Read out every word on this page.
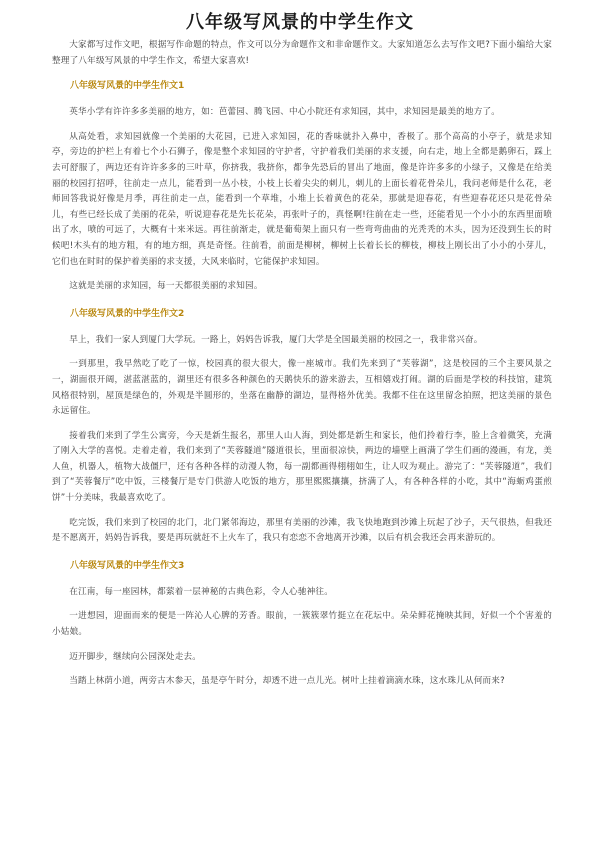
八年级写风景的中学生作文

大家都写过作文吧，根据写作命题的特点，作文可以分为命题作文和非命题作文。大家知道怎么去写作文吧?下面小编给大家整理了八年级写风景的中学生作文，希望大家喜欢!

八年级写风景的中学生作文1

英华小学有许许多多美丽的地方，如：芭蕾园、腾飞园、中心小院还有求知园，其中，求知园是最美的地方了。

从高处看，求知园就像一个美丽的大花园，已进入求知园，花的香味就扑入鼻中，香极了。那个高高的小亭子，就是求知亭，旁边的护栏上有着七个小石狮子，像是整个求知园的守护者，守护着我们美丽的求支援，向右走，地上全都是鹅卵石，踩上去可舒服了，两边还有许许多多的三叶草，你挤我，我挤你，都争先恐后的冒出了地面，像是许许多多的小绿子，又像是在给美丽的校园打招呼，往前走一点儿，能看到一丛小枝，小枝上长着尖尖的刺儿，刺儿的上面长着花骨朵儿，我问老师是什么花，老师回答我说好像是月季，再往前走一点，能看到一个草堆，小堆上长着黄色的花朵，那就是迎春花，有些迎春花还只是花骨朵儿，有些已经长成了美丽的花朵，听说迎春花是先长花朵，再张叶子的，真怪啊!往前在走一些，还能看见一个小小的东西里面喷出了水，喷的可远了，大概有十来米远。再往前渐走，就是葡萄架上面只有一些弯弯曲曲的光秃秃的木头，因为还没到生长的时候吧!木头有的地方粗，有的地方细，真是奇怪。往前看，前面是柳树，柳树上长着长长的柳枝，柳枝上刚长出了小小的小芽儿，它们也在时时的保护着美丽的求支援，大风来临时，它能保护求知园。

这就是美丽的求知园，每一天都很美丽的求知园。

八年级写风景的中学生作文2

早上，我们一家人到厦门大学玩。一路上，妈妈告诉我，厦门大学是全国最美丽的校园之一，我非常兴奋。

一到那里，我早然吃了吃了一惊，校园真的很大很大，像一座城市。我们先来到了“芙蓉湖”，这是校园的三个主要风景之一，湖面很开阔，湛蓝湛蓝的，湖里还有很多各种颜色的天鹅快乐的游来游去，互相嬉戏打闹。湖的后面是学校的科技馆，建筑风格很特别，屋顶是绿色的，外观是半圆形的，坐落在幽静的湖边，显得格外优美。我都不住在这里留念拍照，把这美丽的景色永远留住。

接着我们来到了学生公寓旁，今天是新生报名，那里人山人海，到处都是新生和家长，他们拎着行李，脸上含着微笑，充满了刚入大学的喜悦。走着走着，我们来到了“芙蓉隧道”隧道很长，里面很凉快，两边的墙壁上画满了学生们画的漫画，有龙，美人鱼，机器人，植物大战僵尸，还有各种各样的动漫人物，每一副都画得栩栩如生，让人叹为观止。游完了：“芙蓉隧道”，我们到了“芙蓉餐厅”吃中饭，三楼餐厅是专门供游人吃饭的地方，那里熙熙攘攘，挤满了人，有各种各样的小吃，其中“海蛎鸡蛋煎饼”十分美味，我最喜欢吃了。

吃完饭，我们来到了校园的北门，北门紧邻海边，那里有美丽的沙滩，我飞快地跑到沙滩上玩起了沙子，天气很热，但我还是不愿离开，妈妈告诉我，要是再玩就赶不上火车了，我只有恋恋不舍地离开沙滩，以后有机会我还会再来游玩的。

八年级写风景的中学生作文3

在江南，每一座园林，都萦着一层神秘的古典色彩，令人心驰神往。

一进想园，迎面而来的便是一阵沁人心脾的芳香。眼前，一簇簇翠竹挺立在花坛中。朵朵鲜花掩映其间，好似一个个害羞的小姑娘。

迈开脚步，继续向公园深处走去。

当踏上林荫小道，两旁古木参天，虽是亭午时分，却透不进一点儿光。树叶上挂着滴滴水珠，这水珠儿从何而来?
